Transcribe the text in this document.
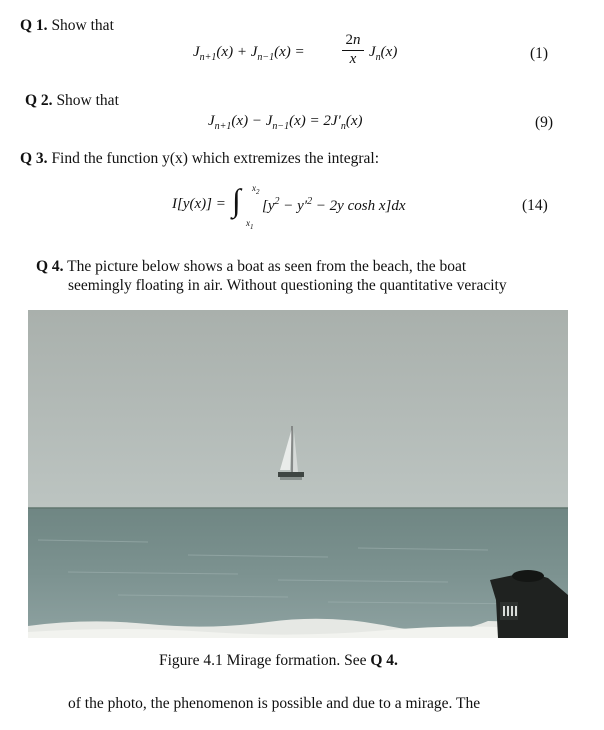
Q 1. Show that
$J_{n+1}(x) + J_{n-1}(x)$ =
2n
x $J_n(x)$	(1)
Q 2. Show that
$J_{n+1}(x) - J_{n-1}(x) = 2J'_n(x)$	(9)
Q 3. Find the function y(x) which extremizes the integral:
I[y(x)] = ∫ $x_2$
$x_1$
[$y^2 - y'^2 - 2y$ cosh x]dx	(14)
Q 4. The picture below shows a boat as seen from the beach, the boat
seemingly floating in air. Without questioning the quantitative veracity
Figure 4.1 Mirage formation. See Q 4.
of the photo, the phenomenon is possible and due to a mirage. The
